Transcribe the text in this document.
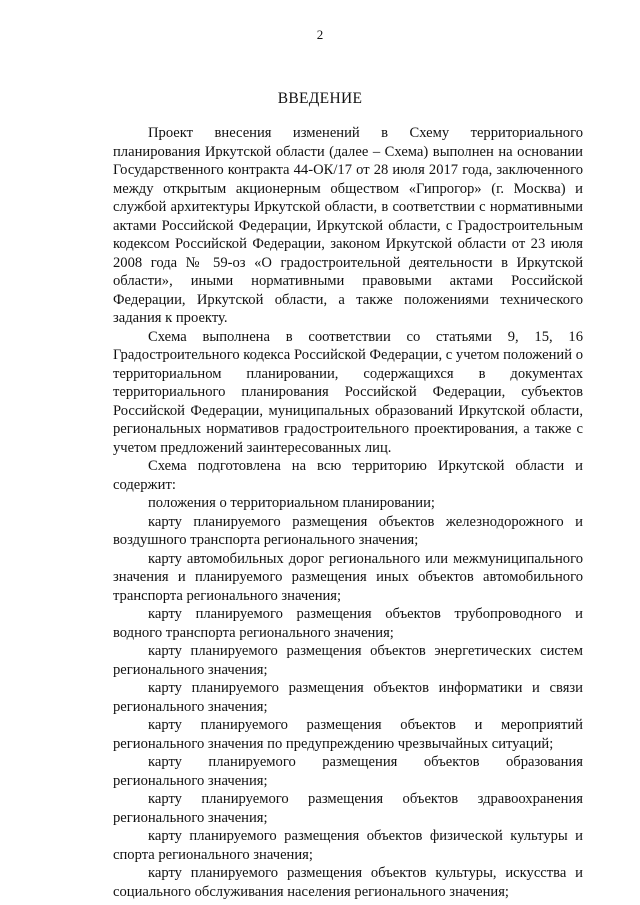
2
ВВЕДЕНИЕ

Проект внесения изменений в Схему территориального планирования Иркутской области (далее – Схема) выполнен на основании Государственного контракта 44-ОК/17 от 28 июля 2017 года, заключенного между открытым акционерным обществом «Гипрогор» (г. Москва) и службой архитектуры Иркутской области, в соответствии с нормативными актами Российской Федерации, Иркутской области, с Градостроительным кодексом Российской Федерации, законом Иркутской области от 23 июля 2008 года № 59-оз «О градостроительной деятельности в Иркутской области», иными нормативными правовыми актами Российской Федерации, Иркутской области, а также положениями технического задания к проекту.

Схема выполнена в соответствии со статьями 9, 15, 16 Градостроительного кодекса Российской Федерации, с учетом положений о территориальном планировании, содержащихся в документах территориального планирования Российской Федерации, субъектов Российской Федерации, муниципальных образований Иркутской области, региональных нормативов градостроительного проектирования, а также с учетом предложений заинтересованных лиц.

Схема подготовлена на всю территорию Иркутской области и содержит:

положения о территориальном планировании;

карту планируемого размещения объектов железнодорожного и воздушного транспорта регионального значения;

карту автомобильных дорог регионального или межмуниципального значения и планируемого размещения иных объектов автомобильного транспорта регионального значения;

карту планируемого размещения объектов трубопроводного и водного транспорта регионального значения;

карту планируемого размещения объектов энергетических систем регионального значения;

карту планируемого размещения объектов информатики и связи регионального значения;

карту планируемого размещения объектов и мероприятий регионального значения по предупреждению чрезвычайных ситуаций;

карту планируемого размещения объектов образования регионального значения;

карту планируемого размещения объектов здравоохранения регионального значения;

карту планируемого размещения объектов физической культуры и спорта регионального значения;

карту планируемого размещения объектов культуры, искусства и социального обслуживания населения регионального значения;
